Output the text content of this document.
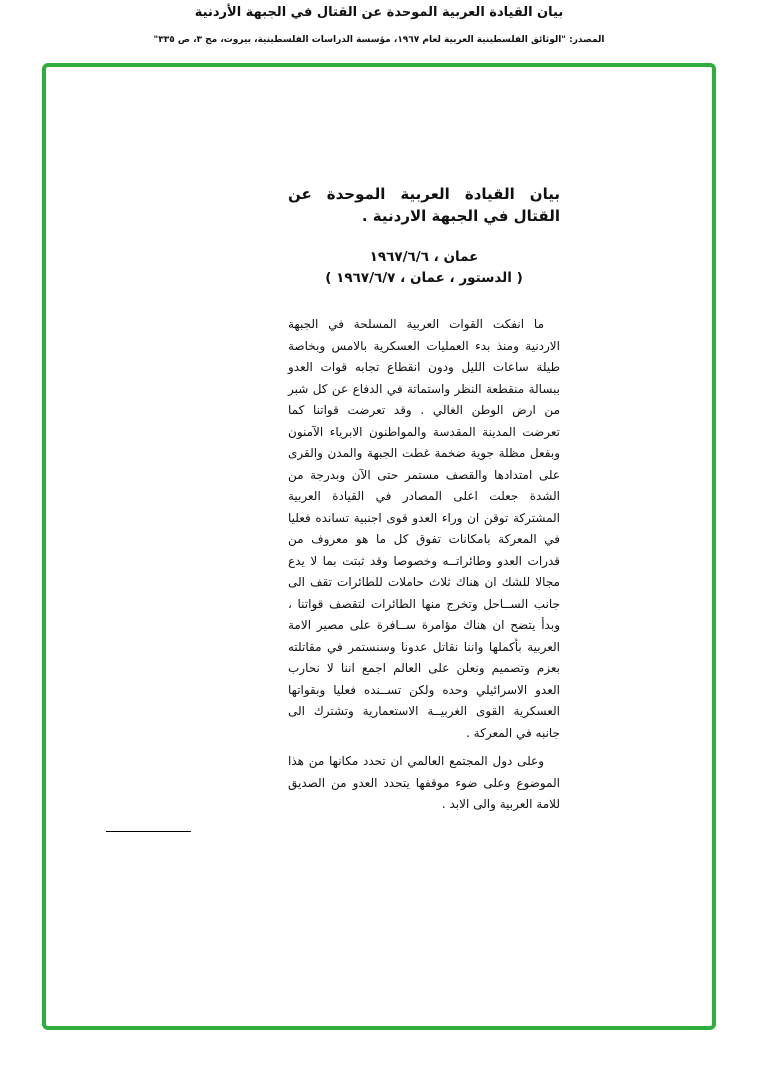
بيان القيادة العربية الموحدة عن القتال في الجبهة الأردنية
المصدر: "الوثائق الفلسطينية العربية لعام ١٩٦٧، مؤسسة الدراسات الفلسطينية، بيروت، مج ٣، ص ٣٣٥"
بيان القيادة العربية الموحدة عن القتال في الجبهة الاردنية .
عمان ، ١٩٦٧/٦/٦
( الدستور ، عمان ، ١٩٦٧/٦/٧ )

ما انفكت القوات العربية المسلحة في الجبهة الاردنية ومنذ بدء العمليات العسكرية بالامس وبخاصة طيلة ساعات الليل ودون انقطاع تجابه قوات العدو ببسالة منقطعة النظر واستماتة في الدفاع عن كل شبر من ارض الوطن الغالي . وقد تعرضت قواتنا كما تعرضت المدينة المقدسة والمواطنون الابرياء الآمنون وبفعل مظلة جوية ضخمة غطت الجبهة والمدن والقرى على امتدادها والقصف مستمر حتى الآن وبدرجة من الشدة جعلت اعلى المصادر في القيادة العربية المشتركة توقن ان وراء العدو قوى اجنبية تسانده فعليا في المعركة بامكانات تفوق كل ما هو معروف من قدرات العدو وطائراتــه وخصوصا وقد ثبتت بما لا يدع مجالا للشك ان هناك ثلاث حاملات للطائرات تقف الى جانب الســاحل وتخرج منها الطائرات لتقصف قواتنا ، وبدأ يتضح ان هناك مؤامرة ســافرة على مصير الامة العربية بأكملها واننا نقاتل عدونا وسنستمر في مقاتلته بعزم وتصميم ونعلن على العالم اجمع اننا لا نحارب العدو الاسرائيلي وحده ولكن تســنده فعليا وبقواتها العسكرية القوى الغربيــة الاستعمارية وتشترك الى جانبه في المعركة .

وعلى دول المجتمع العالمي ان تحدد مكانها من هذا الموضوع وعلى ضوء موقفها يتحدد العدو من الصديق للامة العربية والى الابد .
